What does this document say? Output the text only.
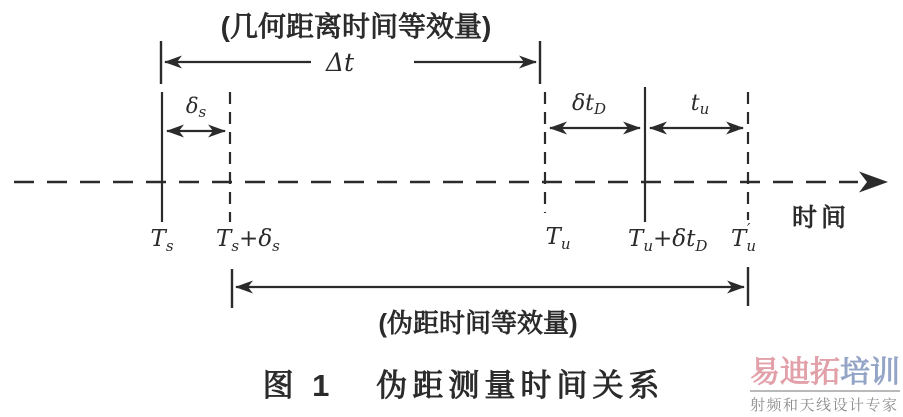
(几何距离时间等效量)
Δt
δs	δtD	tu
时间
$T_s$ $T_s+\delta_s$	$T_u$ $T_u+\delta t_D$ $T_u'$
(伪距时间等效量)
图 1 伪距测量时间关系	易迪拓培训
射频和天线设计专家
